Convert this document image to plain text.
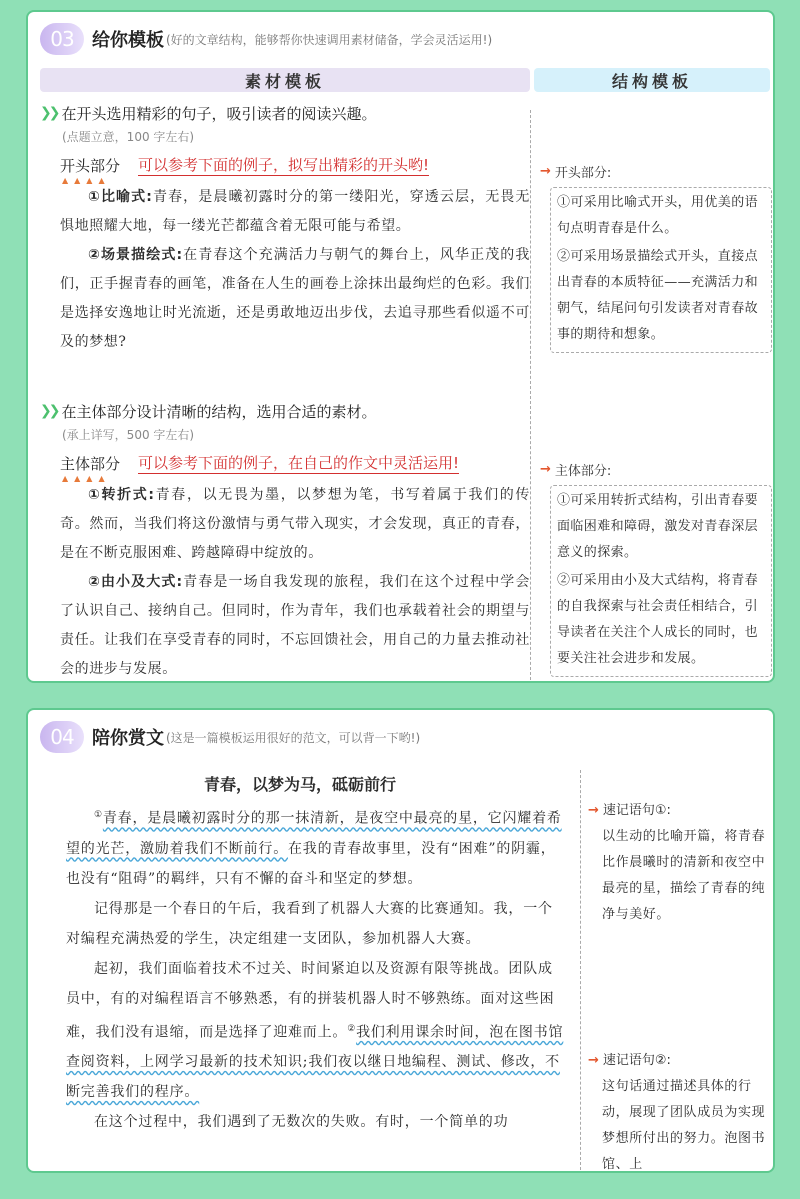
03	给你模板 (好的文章结构，能够帮你快速调用素材储备，学会灵活运用!)
素材模板	结构模板
❯❯ 在开头选用精彩的句子，吸引读者的阅读兴趣。
(点题立意，100 字左右)
开头部分
▲▲▲▲
可以参考下面的例子，拟写出精彩的开头哟!
①比喻式:青春，是晨曦初露时分的第一缕阳光，穿透云层，无畏无惧地照耀大地，每一缕光芒都蕴含着无限可能与希望。
②场景描绘式:在青春这个充满活力与朝气的舞台上，风华正茂的我们，正手握青春的画笔，准备在人生的画卷上涂抹出最绚烂的色彩。我们是选择安逸地让时光流逝，还是勇敢地迈出步伐，去追寻那些看似遥不可及的梦想?
→ 开头部分:
①可采用比喻式开头，用优美的语句点明青春是什么。
②可采用场景描绘式开头，直接点出青春的本质特征——充满活力和朝气，结尾问句引发读者对青春故事的期待和想象。
❯❯ 在主体部分设计清晰的结构，选用合适的素材。
(承上详写，500 字左右)
主体部分
▲▲▲▲
可以参考下面的例子，在自己的作文中灵活运用!
①转折式:青春，以无畏为墨，以梦想为笔，书写着属于我们的传奇。然而，当我们将这份激情与勇气带入现实，才会发现，真正的青春，是在不断克服困难、跨越障碍中绽放的。
②由小及大式:青春是一场自我发现的旅程，我们在这个过程中学会了认识自己、接纳自己。但同时，作为青年，我们也承载着社会的期望与责任。让我们在享受青春的同时，不忘回馈社会，用自己的力量去推动社会的进步与发展。
→ 主体部分:
①可采用转折式结构，引出青春要面临困难和障碍，激发对青春深层意义的探索。
②可采用由小及大式结构，将青春的自我探索与社会责任相结合，引导读者在关注个人成长的同时，也要关注社会进步和发展。
04	陪你赏文 (这是一篇模板运用很好的范文，可以背一下哟!)
青春，以梦为马，砥砺前行

①青春，是晨曦初露时分的那一抹清新，是夜空中最亮的星，它闪耀着希望的光芒，激励着我们不断前行。在我的青春故事里，没有“困难”的阴霾，也没有“阻碍”的羁绊，只有不懈的奋斗和坚定的梦想。

记得那是一个春日的午后，我看到了机器人大赛的比赛通知。我，一个对编程充满热爱的学生，决定组建一支团队，参加机器人大赛。

起初，我们面临着技术不过关、时间紧迫以及资源有限等挑战。团队成员中，有的对编程语言不够熟悉，有的拼装机器人时不够熟练。面对这些困难，我们没有退缩，而是选择了迎难而上。②我们利用课余时间，泡在图书馆查阅资料，上网学习最新的技术知识;我们夜以继日地编程、测试、修改，不断完善我们的程序。

在这个过程中，我们遇到了无数次的失败。有时，一个简单的功

→ 速记语句①:
以生动的比喻开篇，将青春比作晨曦时的清新和夜空中最亮的星，描绘了青春的纯净与美好。
→ 速记语句②:
这句话通过描述具体的行动，展现了团队成员为实现梦想所付出的努力。泡图书馆、上
